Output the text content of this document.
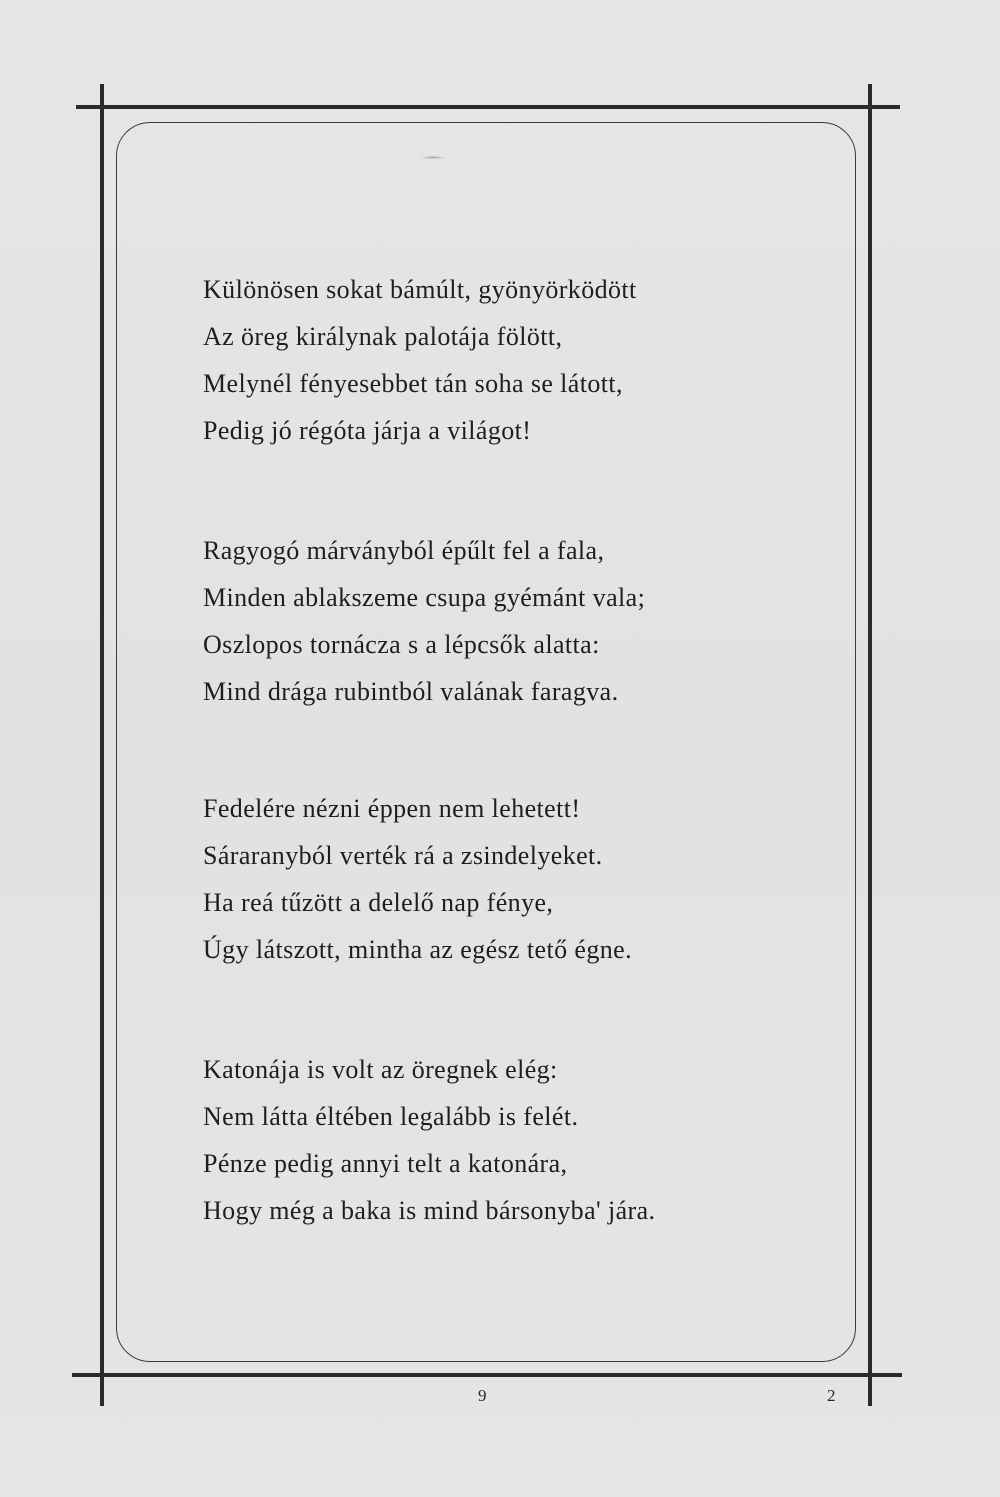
Különösen sokat bámúlt, gyönyörködött
Az öreg királynak palotája fölött,
Melynél fényesebbet tán soha se látott,
Pedig jó régóta járja a világot!
Ragyogó márványból épűlt fel a fala,
Minden ablakszeme csupa gyémánt vala;
Oszlopos tornácza s a lépcsők alatta:
Mind drága rubintból valának faragva.
Fedelére nézni éppen nem lehetett!
Sáraranyból verték rá a zsindelyeket.
Ha reá tűzött a delelő nap fénye,
Úgy látszott, mintha az egész tető égne.
Katonája is volt az öregnek elég:
Nem látta éltében legalább is felét.
Pénze pedig annyi telt a katonára,
Hogy még a baka is mind bársonyba' jára.
9	2
